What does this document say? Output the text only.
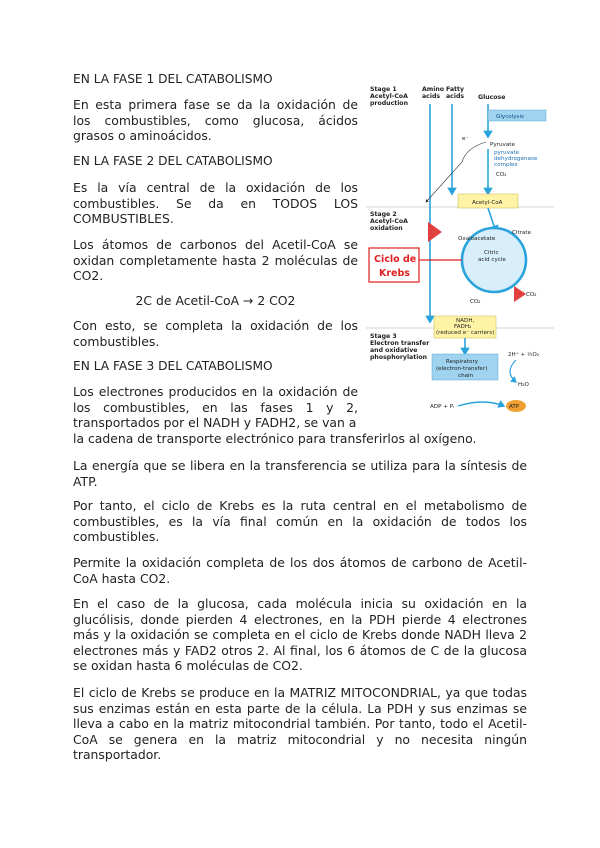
EN LA FASE 1 DEL CATABOLISMO

En esta primera fase se da la oxidación de los combustibles, como glucosa, ácidos grasos o aminoácidos.

EN LA FASE 2 DEL CATABOLISMO

Es la vía central de la oxidación de los combustibles. Se da en TODOS LOS COMBUSTIBLES.

Los átomos de carbonos del Acetil-CoA se oxidan completamente hasta 2 moléculas de CO2.

2C de Acetil-CoA → 2 CO2

Con esto, se completa la oxidación de los combustibles.

EN LA FASE 3 DEL CATABOLISMO

Los electrones producidos en la oxidación de los combustibles, en las fases 1 y 2, transportados por el NADH y FADH2, se van a

la cadena de transporte electrónico para transferirlos al oxígeno.

La energía que se libera en la transferencia se utiliza para la síntesis de ATP.

Por tanto, el ciclo de Krebs es la ruta central en el metabolismo de combustibles, es la vía final común en la oxidación de todos los combustibles.

Permite la oxidación completa de los dos átomos de carbono de Acetil-CoA hasta CO2.

En el caso de la glucosa, cada molécula inicia su oxidación en la glucólisis, donde pierden 4 electrones, en la PDH pierde 4 electrones más y la oxidación se completa en el ciclo de Krebs donde NADH lleva 2 electrones más y FAD2 otros 2. Al final, los 6 átomos de C de la glucosa se oxidan hasta 6 moléculas de CO2.

El ciclo de Krebs se produce en la MATRIZ MITOCONDRIAL, ya que todas sus enzimas están en esta parte de la célula. La PDH y sus enzimas se lleva a cabo en la matriz mitocondrial también. Por tanto, todo el Acetil-CoA se genera en la matriz mitocondrial y no necesita ningún transportador.

Stage 1 Acetyl-CoA production
Amino acids
Fatty acids Glucose
Glycolysis
Pyruvate
pyruvate dehydrogenase complex
CO₂
e⁻
Acetyl-CoA
Stage 2 Acetyl-CoA oxidation
Oxaloacetate
Citrate
Citric acid cycle
CO₂
CO₂
Ciclo de
Krebs
NADH, FADH₂ (reduced e⁻ carriers)
Stage 3 Electron transfer and oxidative phosphorylation
Respiratory (electron-transfer) chain
2H⁺ + ½O₂
H₂O
ADP + Pᵢ	ATP
